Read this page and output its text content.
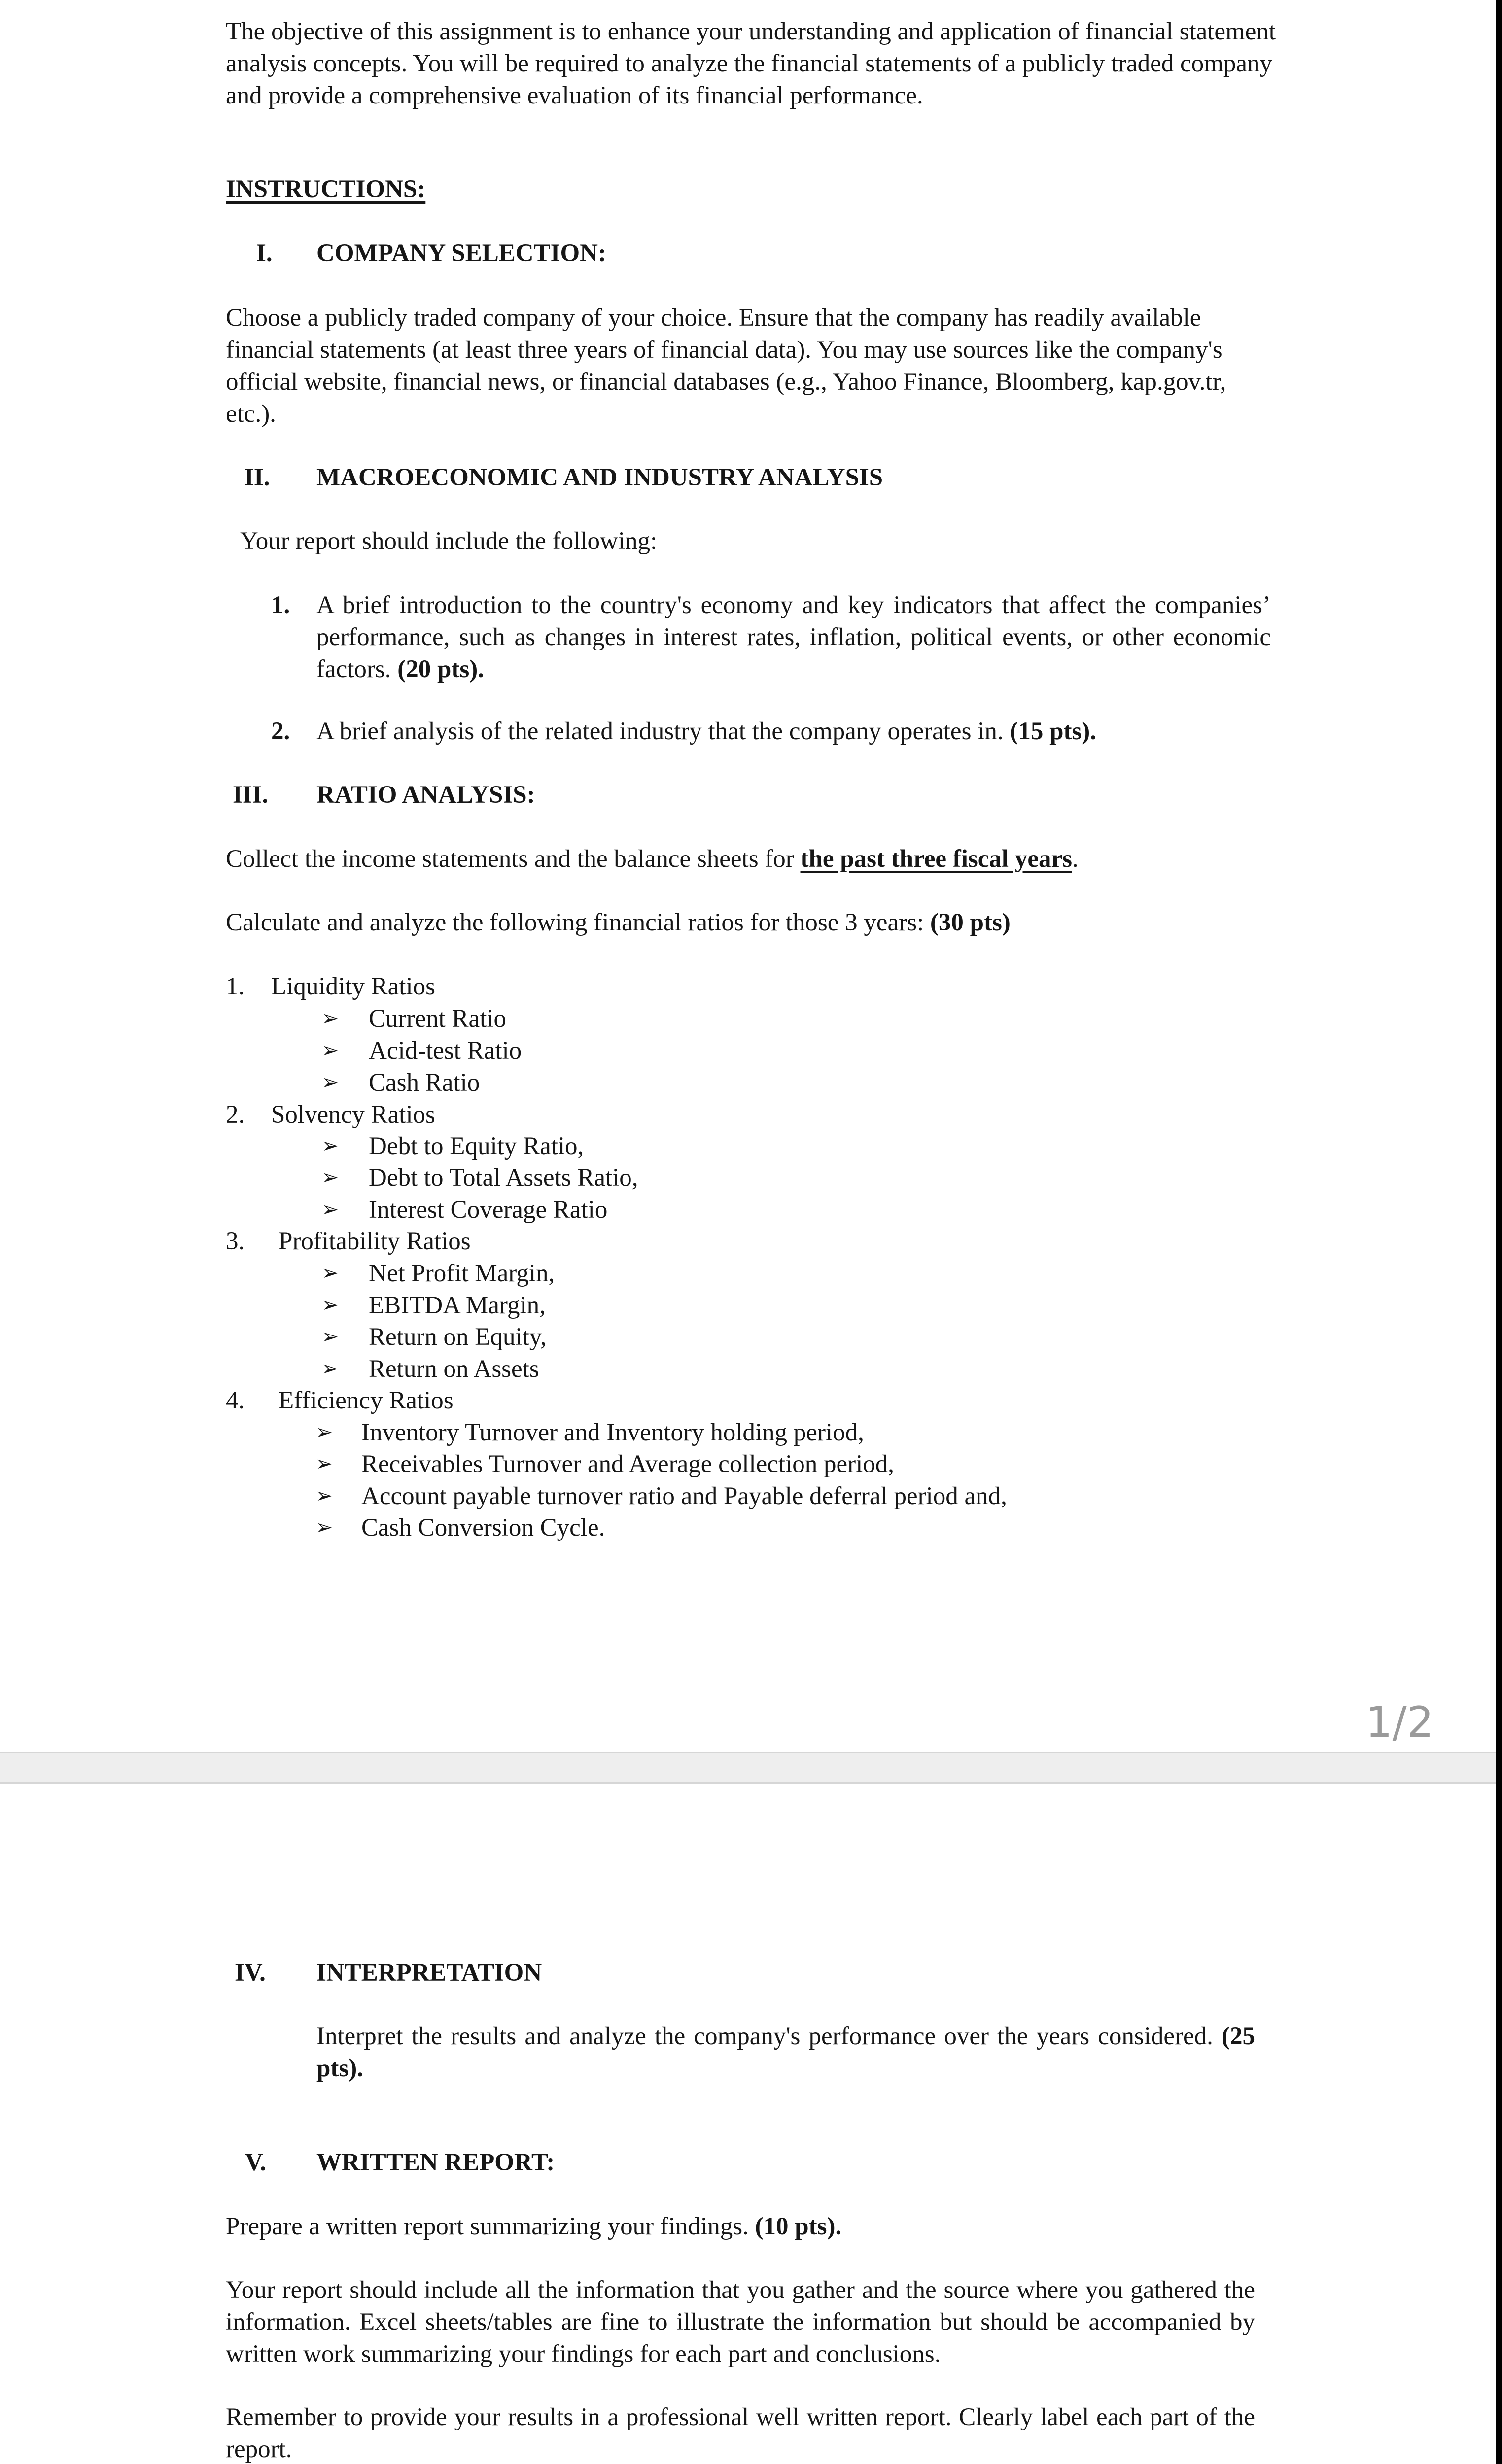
The objective of this assignment is to enhance your understanding and application of financial statement analysis concepts. You will be required to analyze the financial statements of a publicly traded company and provide a comprehensive evaluation of its financial performance.
INSTRUCTIONS:
I. COMPANY SELECTION:
Choose a publicly traded company of your choice. Ensure that the company has readily available financial statements (at least three years of financial data). You may use sources like the company's official website, financial news, or financial databases (e.g., Yahoo Finance, Bloomberg, kap.gov.tr, etc.).
II. MACROECONOMIC AND INDUSTRY ANALYSIS
Your report should include the following:
1. A brief introduction to the country's economy and key indicators that affect the companies’ performance, such as changes in interest rates, inflation, political events, or other economic factors. (20 pts).
2. A brief analysis of the related industry that the company operates in. (15 pts).
III. RATIO ANALYSIS:
Collect the income statements and the balance sheets for the past three fiscal years.
Calculate and analyze the following financial ratios for those 3 years: (30 pts)
1. Liquidity Ratios
➢ Current Ratio
➢ Acid-test Ratio
➢ Cash Ratio
2. Solvency Ratios
➢ Debt to Equity Ratio,
➢ Debt to Total Assets Ratio,
➢ Interest Coverage Ratio
3. Profitability Ratios
➢ Net Profit Margin,
➢ EBITDA Margin,
➢ Return on Equity,
➢ Return on Assets
4. Efficiency Ratios
➢ Inventory Turnover and Inventory holding period,
➢ Receivables Turnover and Average collection period,
➢ Account payable turnover ratio and Payable deferral period and,
➢ Cash Conversion Cycle.
1/2
IV. INTERPRETATION
Interpret the results and analyze the company's performance over the years considered. (25 pts).
V. WRITTEN REPORT:
Prepare a written report summarizing your findings. (10 pts).
Your report should include all the information that you gather and the source where you gathered the information. Excel sheets/tables are fine to illustrate the information but should be accompanied by written work summarizing your findings for each part and conclusions.
Remember to provide your results in a professional well written report. Clearly label each part of the report.
